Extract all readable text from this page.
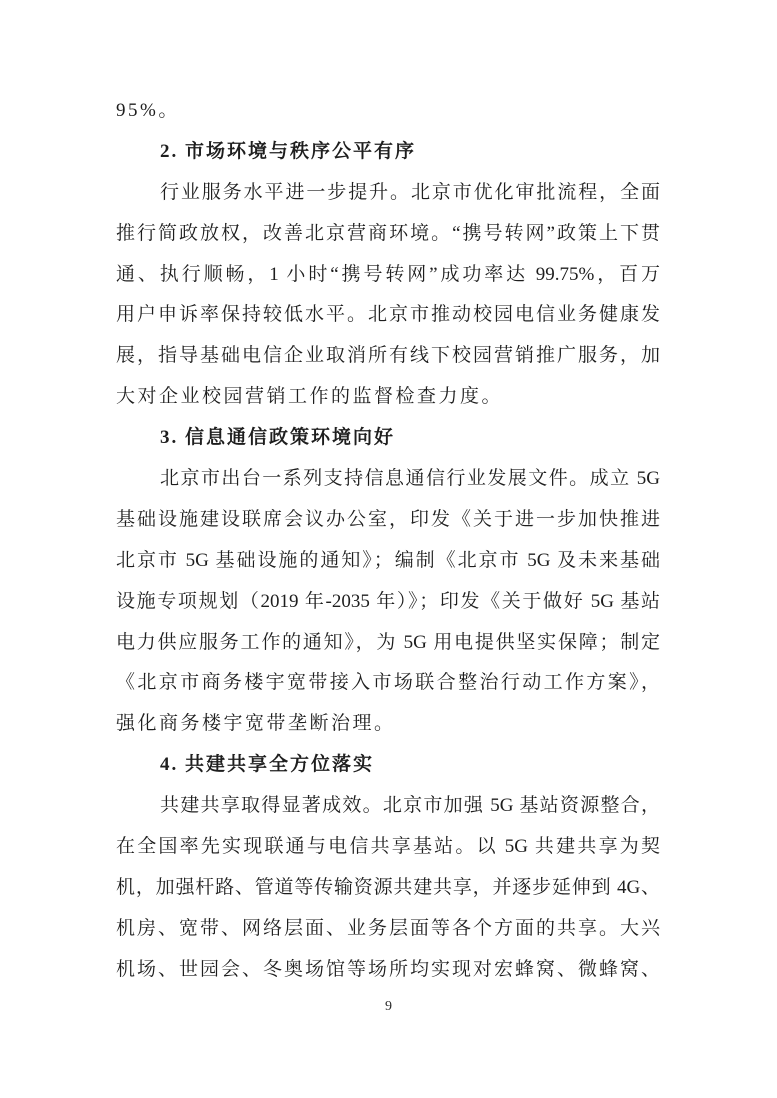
95%。
2. 市场环境与秩序公平有序
行业服务水平进一步提升。北京市优化审批流程，全面
推行简政放权，改善北京营商环境。“携号转网”政策上下贯
通、执行顺畅，1 小时“携号转网”成功率达 99.75%，百万
用户申诉率保持较低水平。北京市推动校园电信业务健康发
展，指导基础电信企业取消所有线下校园营销推广服务，加
大对企业校园营销工作的监督检查力度。
3. 信息通信政策环境向好
北京市出台一系列支持信息通信行业发展文件。成立 5G
基础设施建设联席会议办公室，印发《关于进一步加快推进
北京市 5G 基础设施的通知》；编制《北京市 5G 及未来基础
设施专项规划（2019 年-2035 年）》；印发《关于做好 5G 基站
电力供应服务工作的通知》，为 5G 用电提供坚实保障；制定
《北京市商务楼宇宽带接入市场联合整治行动工作方案》，
强化商务楼宇宽带垄断治理。
4. 共建共享全方位落实
共建共享取得显著成效。北京市加强 5G 基站资源整合，
在全国率先实现联通与电信共享基站。以 5G 共建共享为契
机，加强杆路、管道等传输资源共建共享，并逐步延伸到 4G、
机房、宽带、网络层面、业务层面等各个方面的共享。大兴
机场、世园会、冬奥场馆等场所均实现对宏蜂窝、微蜂窝、
9
